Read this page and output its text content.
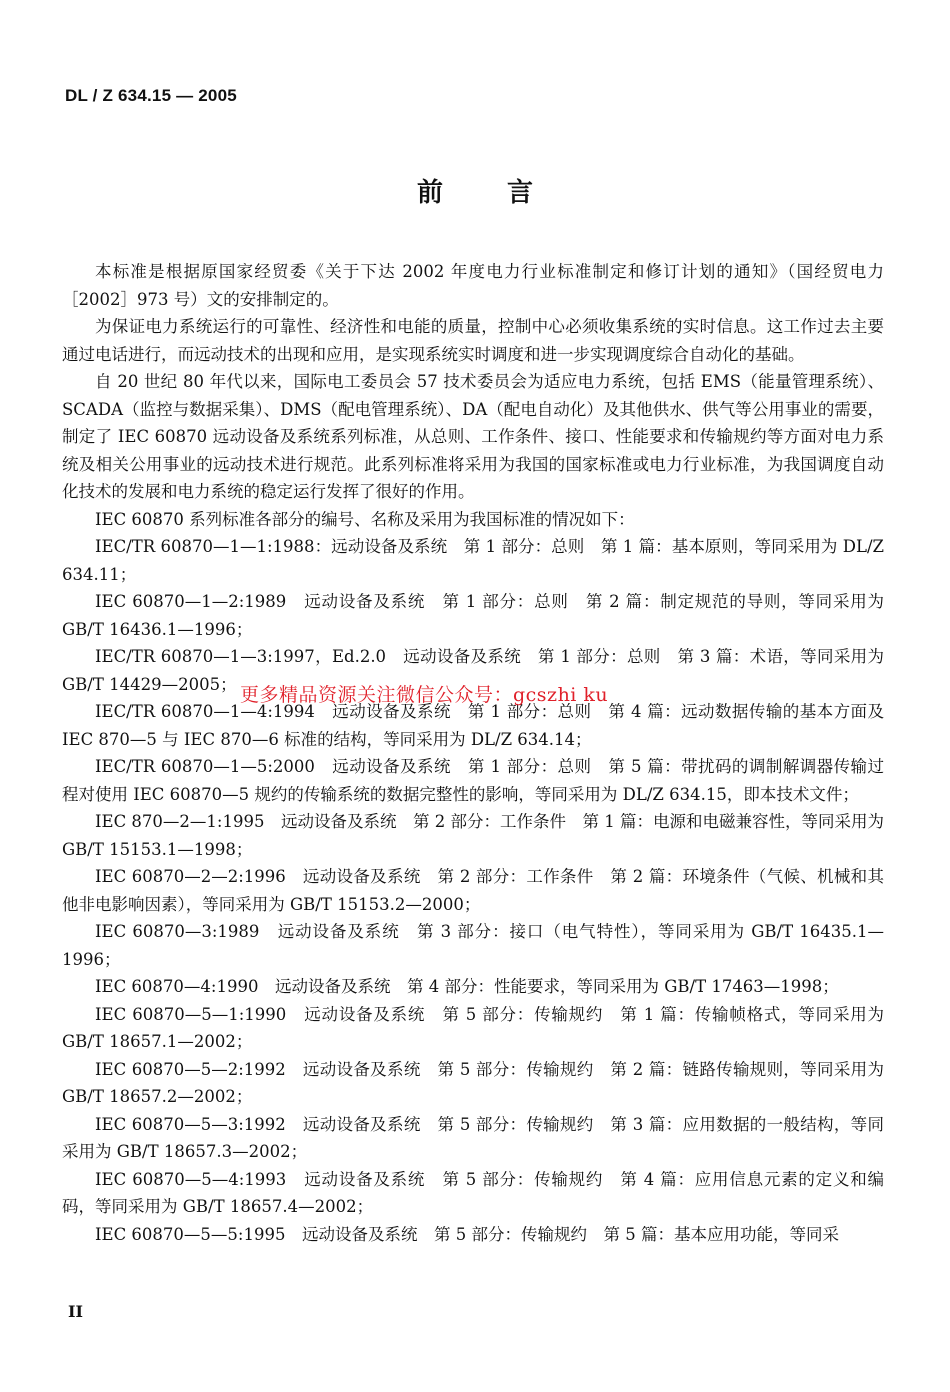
DL / Z 634.15 — 2005
前言

本标准是根据原国家经贸委《关于下达 2002 年度电力行业标准制定和修订计划的通知》（国经贸电力［2002］973 号）文的安排制定的。

为保证电力系统运行的可靠性、经济性和电能的质量，控制中心必须收集系统的实时信息。这工作过去主要通过电话进行，而远动技术的出现和应用，是实现系统实时调度和进一步实现调度综合自动化的基础。

自 20 世纪 80 年代以来，国际电工委员会 57 技术委员会为适应电力系统，包括 EMS（能量管理系统）、SCADA（监控与数据采集）、DMS（配电管理系统）、DA（配电自动化）及其他供水、供气等公用事业的需要，制定了 IEC 60870 远动设备及系统系列标准，从总则、工作条件、接口、性能要求和传输规约等方面对电力系统及相关公用事业的远动技术进行规范。此系列标准将采用为我国的国家标准或电力行业标准，为我国调度自动化技术的发展和电力系统的稳定运行发挥了很好的作用。

IEC 60870 系列标准各部分的编号、名称及采用为我国标准的情况如下：

IEC/TR 60870—1—1:1988：远动设备及系统　第 1 部分：总则　第 1 篇：基本原则，等同采用为 DL/Z 634.11；

IEC 60870—1—2:1989　远动设备及系统　第 1 部分：总则　第 2 篇：制定规范的导则，等同采用为 GB/T 16436.1—1996；

IEC/TR 60870—1—3:1997，Ed.2.0　远动设备及系统　第 1 部分：总则　第 3 篇：术语，等同采用为 GB/T 14429—2005；

IEC/TR 60870—1—4:1994　远动设备及系统　第 1 部分：总则　第 4 篇：远动数据传输的基本方面及 IEC 870—5 与 IEC 870—6 标准的结构，等同采用为 DL/Z 634.14；

IEC/TR 60870—1—5:2000　远动设备及系统　第 1 部分：总则　第 5 篇：带扰码的调制解调器传输过程对使用 IEC 60870—5 规约的传输系统的数据完整性的影响，等同采用为 DL/Z 634.15，即本技术文件；

IEC 870—2—1:1995　远动设备及系统　第 2 部分：工作条件　第 1 篇：电源和电磁兼容性，等同采用为 GB/T 15153.1—1998；

IEC 60870—2—2:1996　远动设备及系统　第 2 部分：工作条件　第 2 篇：环境条件（气候、机械和其他非电影响因素），等同采用为 GB/T 15153.2—2000；

IEC 60870—3:1989　远动设备及系统　第 3 部分：接口（电气特性），等同采用为 GB/T 16435.1—1996；

IEC 60870—4:1990　远动设备及系统　第 4 部分：性能要求，等同采用为 GB/T 17463—1998；

IEC 60870—5—1:1990　远动设备及系统　第 5 部分：传输规约　第 1 篇：传输帧格式，等同采用为 GB/T 18657.1—2002；

IEC 60870—5—2:1992　远动设备及系统　第 5 部分：传输规约　第 2 篇：链路传输规则，等同采用为 GB/T 18657.2—2002；

IEC 60870—5—3:1992　远动设备及系统　第 5 部分：传输规约　第 3 篇：应用数据的一般结构，等同采用为 GB/T 18657.3—2002；

IEC 60870—5—4:1993　远动设备及系统　第 5 部分：传输规约　第 4 篇：应用信息元素的定义和编码，等同采用为 GB/T 18657.4—2002；

IEC 60870—5—5:1995　远动设备及系统　第 5 部分：传输规约　第 5 篇：基本应用功能，等同采

更多精品资源关注微信公众号：gcszhi ku
II
